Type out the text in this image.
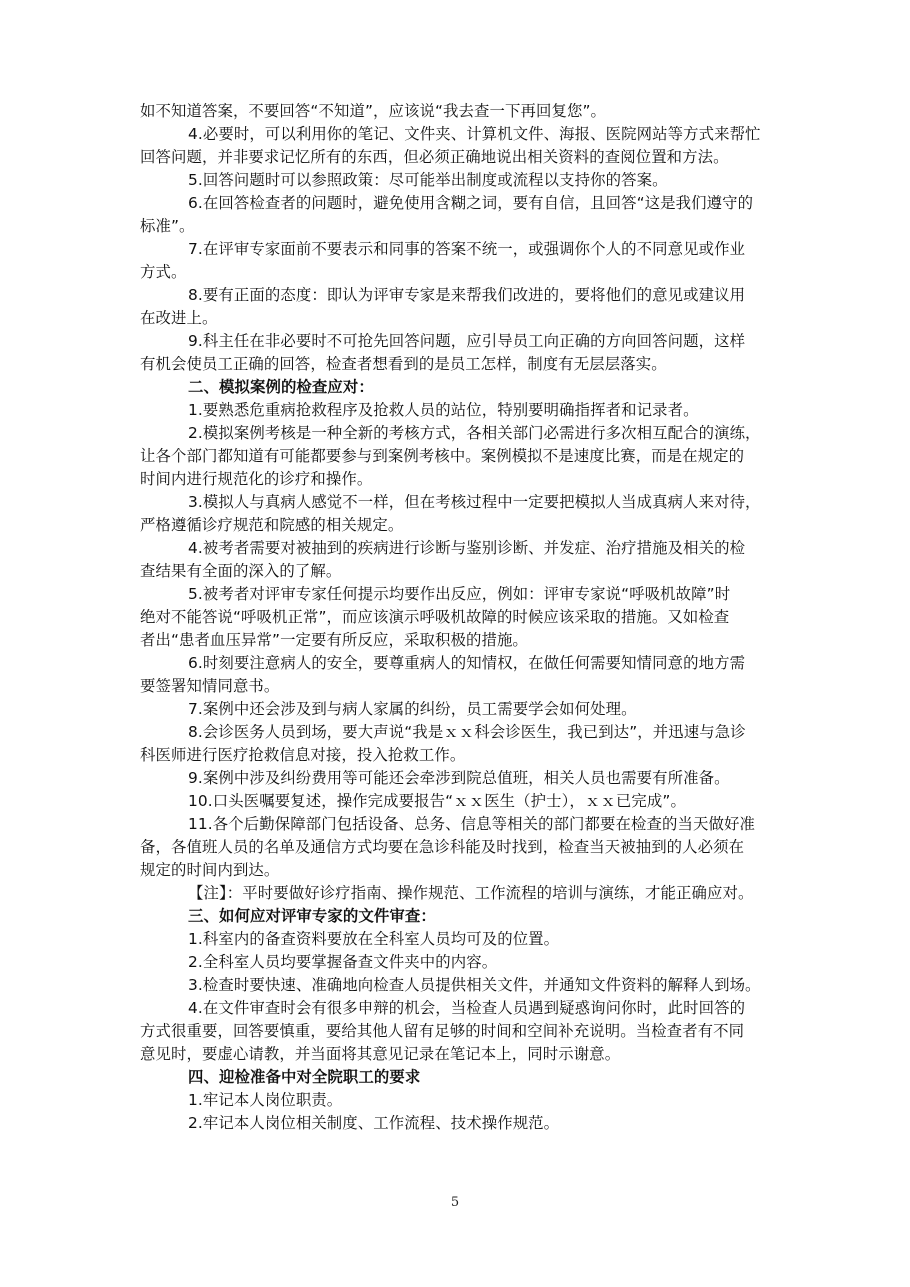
如不知道答案，不要回答“不知道”，应该说“我去查一下再回复您”。
4.必要时，可以利用你的笔记、文件夹、计算机文件、海报、医院网站等方式来帮忙
回答问题，并非要求记忆所有的东西，但必须正确地说出相关资料的查阅位置和方法。
5.回答问题时可以参照政策：尽可能举出制度或流程以支持你的答案。
6.在回答检查者的问题时，避免使用含糊之词，要有自信，且回答“这是我们遵守的
标准”。
7.在评审专家面前不要表示和同事的答案不统一，或强调你个人的不同意见或作业
方式。
8.要有正面的态度：即认为评审专家是来帮我们改进的，要将他们的意见或建议用
在改进上。
9.科主任在非必要时不可抢先回答问题，应引导员工向正确的方向回答问题，这样
有机会使员工正确的回答，检查者想看到的是员工怎样，制度有无层层落实。
二、模拟案例的检查应对：
1.要熟悉危重病抢救程序及抢救人员的站位，特别要明确指挥者和记录者。
2.模拟案例考核是一种全新的考核方式，各相关部门必需进行多次相互配合的演练，
让各个部门都知道有可能都要参与到案例考核中。案例模拟不是速度比赛，而是在规定的
时间内进行规范化的诊疗和操作。
3.模拟人与真病人感觉不一样，但在考核过程中一定要把模拟人当成真病人来对待，
严格遵循诊疗规范和院感的相关规定。
4.被考者需要对被抽到的疾病进行诊断与鉴别诊断、并发症、治疗措施及相关的检
查结果有全面的深入的了解。
5.被考者对评审专家任何提示均要作出反应，例如：评审专家说“呼吸机故障”时
绝对不能答说“呼吸机正常”，而应该演示呼吸机故障的时候应该采取的措施。又如检查
者出“患者血压异常”一定要有所反应，采取积极的措施。
6.时刻要注意病人的安全，要尊重病人的知情权，在做任何需要知情同意的地方需
要签署知情同意书。
7.案例中还会涉及到与病人家属的纠纷，员工需要学会如何处理。
8.会诊医务人员到场，要大声说“我是ｘｘ科会诊医生，我已到达”，并迅速与急诊
科医师进行医疗抢救信息对接，投入抢救工作。
9.案例中涉及纠纷费用等可能还会牵涉到院总值班，相关人员也需要有所准备。
10.口头医嘱要复述，操作完成要报告“ｘｘ医生（护士），ｘｘ已完成”。
11.各个后勤保障部门包括设备、总务、信息等相关的部门都要在检查的当天做好准
备，各值班人员的名单及通信方式均要在急诊科能及时找到，检查当天被抽到的人必须在
规定的时间内到达。
【注】：平时要做好诊疗指南、操作规范、工作流程的培训与演练，才能正确应对。
三、如何应对评审专家的文件审查：
1.科室内的备查资料要放在全科室人员均可及的位置。
2.全科室人员均要掌握备查文件夹中的内容。
3.检查时要快速、准确地向检查人员提供相关文件，并通知文件资料的解释人到场。
4.在文件审查时会有很多申辩的机会，当检查人员遇到疑惑询问你时，此时回答的
方式很重要，回答要慎重，要给其他人留有足够的时间和空间补充说明。当检查者有不同
意见时，要虚心请教，并当面将其意见记录在笔记本上，同时示谢意。
四、迎检准备中对全院职工的要求
1.牢记本人岗位职责。
2.牢记本人岗位相关制度、工作流程、技术操作规范。
5
